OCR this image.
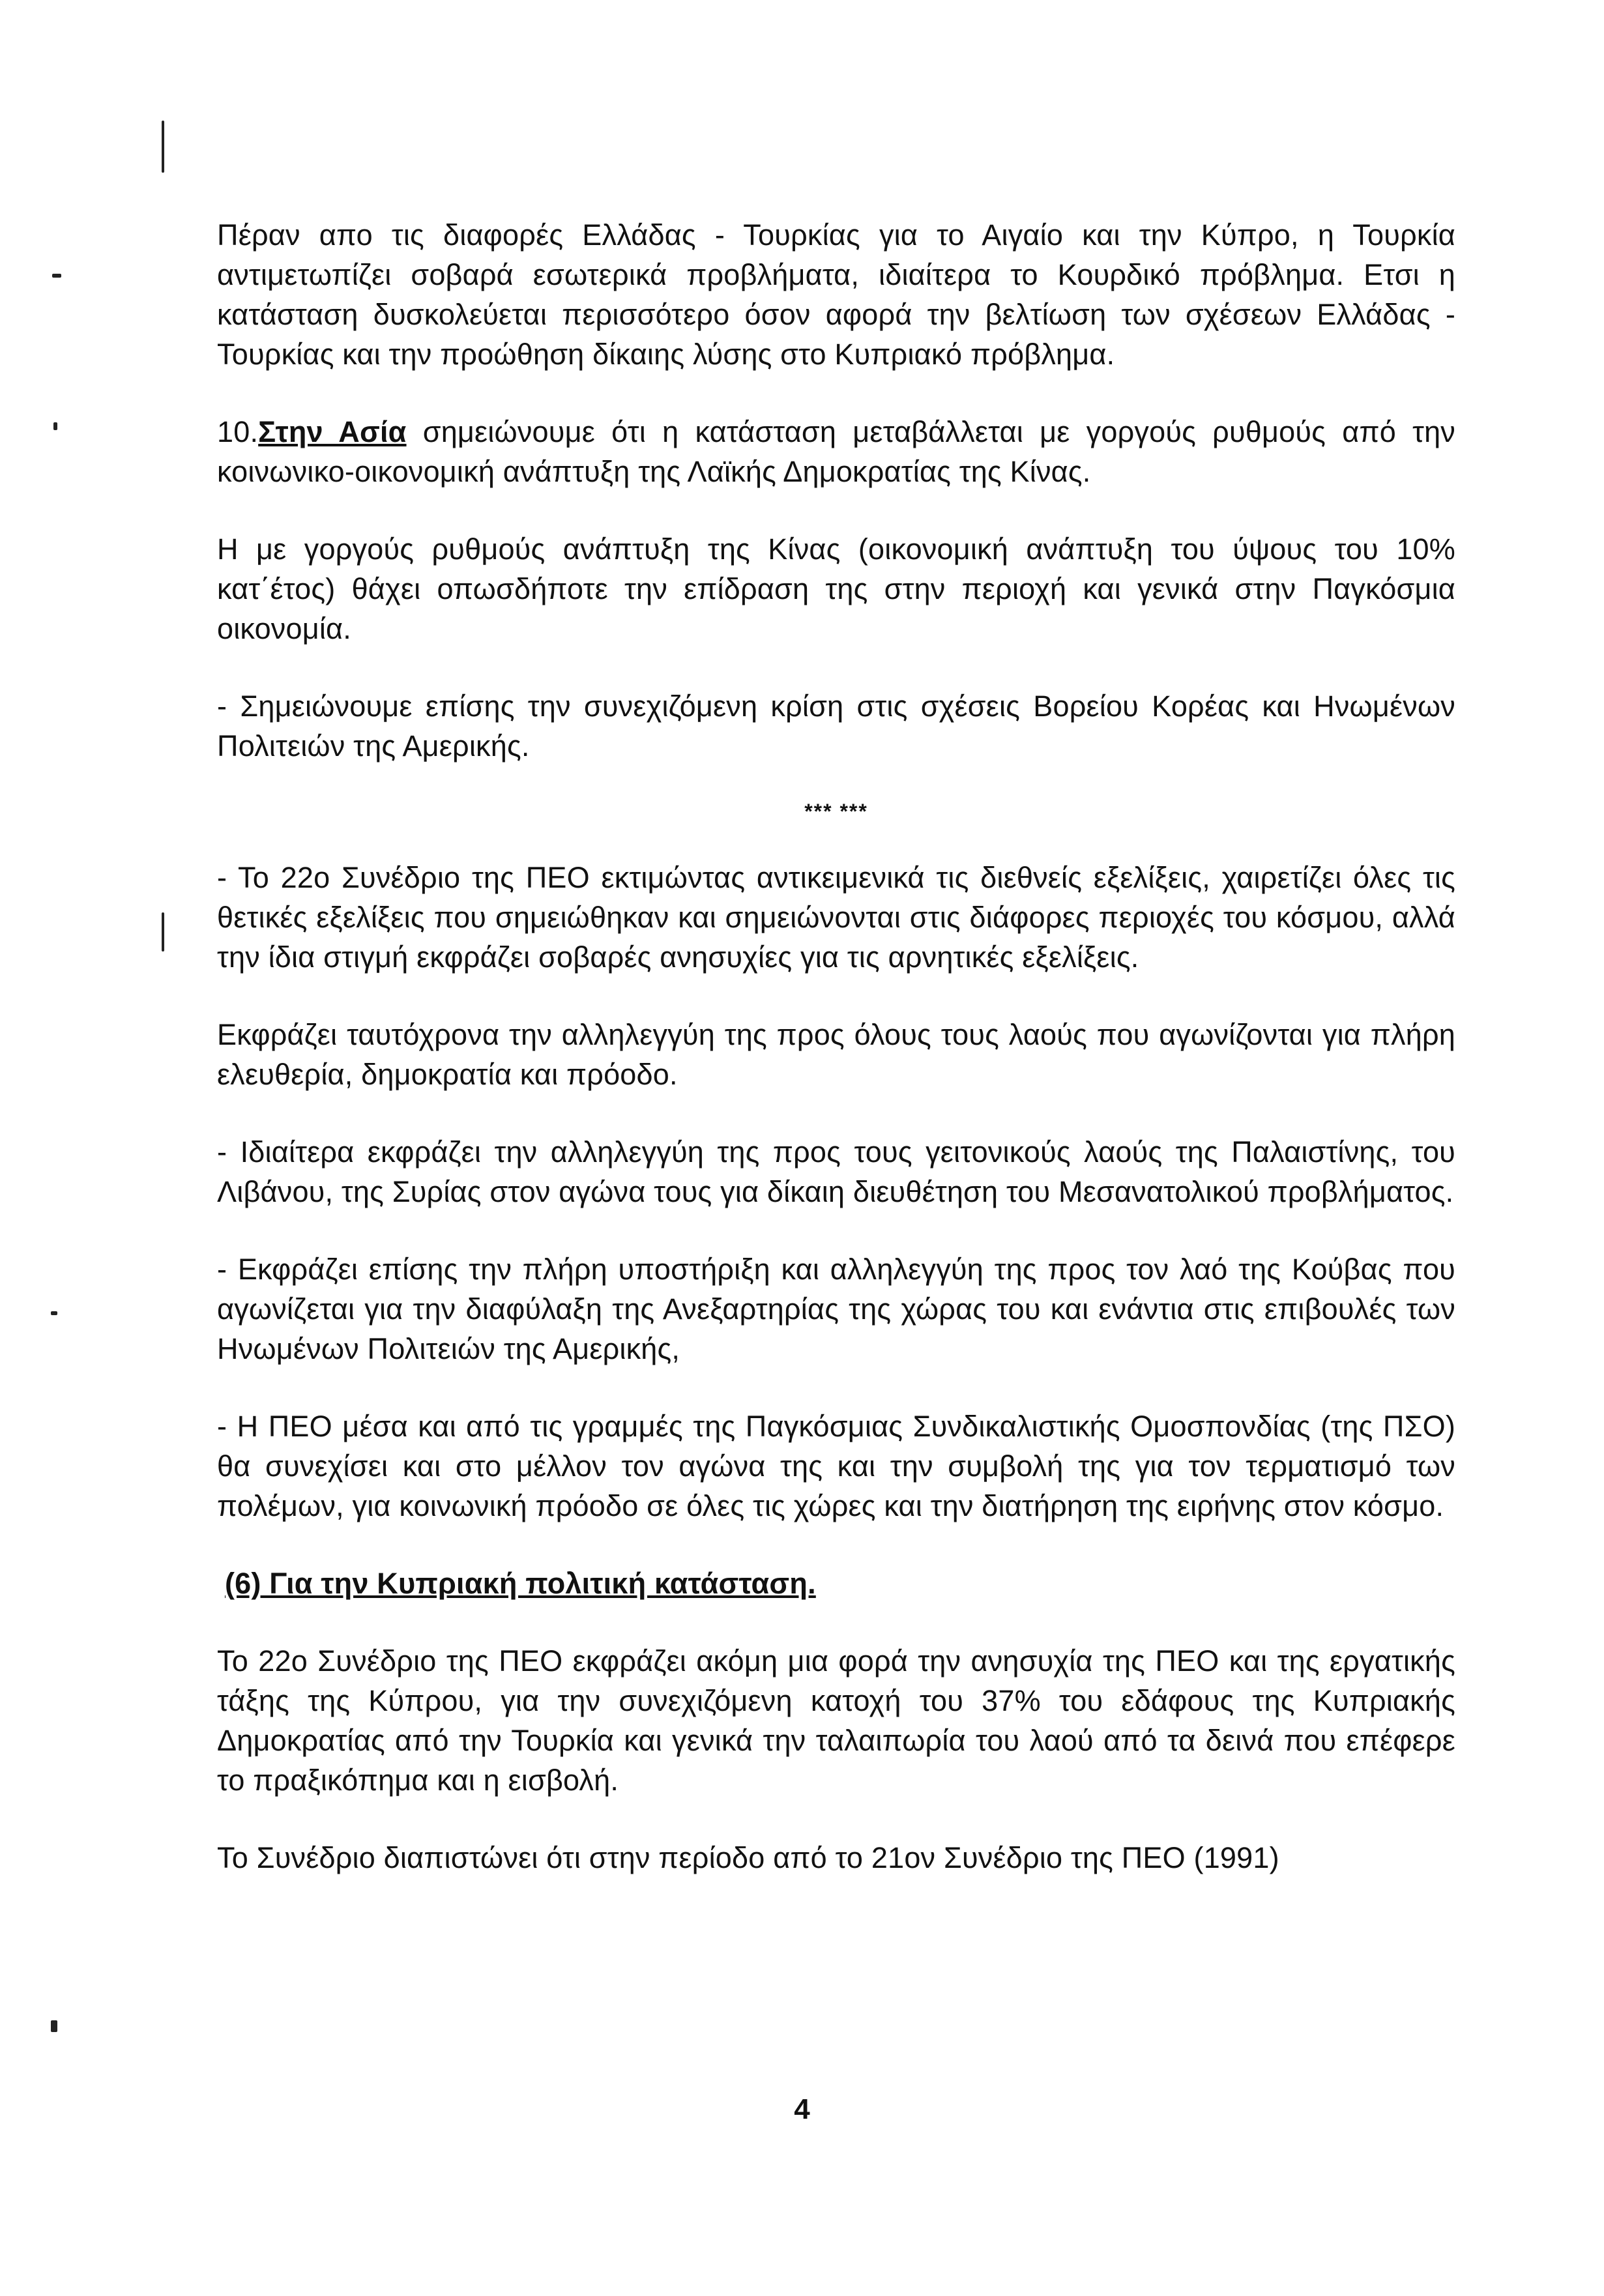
Πέραν απο τις διαφορές Ελλάδας - Τουρκίας για το Αιγαίο και την Κύπρο, η Τουρκία αντιμετωπίζει σοβαρά εσωτερικά προβλήματα, ιδιαίτερα το Κουρδικό πρόβλημα. Ετσι η κατάσταση δυσκολεύεται περισσότερο όσον αφορά την βελτίωση των σχέσεων Ελλάδας - Τουρκίας και την προώθηση δίκαιης λύσης στο Κυπριακό πρόβλημα.

10.Στην Ασία σημειώνουμε ότι η κατάσταση μεταβάλλεται με γοργούς ρυθμούς από την κοινωνικο-οικονομική ανάπτυξη της Λαϊκής Δημοκρατίας της Κίνας.

Η με γοργούς ρυθμούς ανάπτυξη της Κίνας (οικονομική ανάπτυξη του ύψους του 10% κατ΄έτος) θάχει οπωσδήποτε την επίδραση της στην περιοχή και γενικά στην Παγκόσμια οικονομία.

- Σημειώνουμε επίσης την συνεχιζόμενη κρίση στις σχέσεις Βορείου Κορέας και Ηνωμένων Πολιτειών της Αμερικής.

*** ***

- Το 22ο Συνέδριο της ΠΕΟ εκτιμώντας αντικειμενικά τις διεθνείς εξελίξεις, χαιρετίζει όλες τις θετικές εξελίξεις που σημειώθηκαν και σημειώνονται στις διάφορες περιοχές του κόσμου, αλλά την ίδια στιγμή εκφράζει σοβαρές ανησυχίες για τις αρνητικές εξελίξεις.

Εκφράζει ταυτόχρονα την αλληλεγγύη της προς όλους τους λαούς που αγωνίζονται για πλήρη ελευθερία, δημοκρατία και πρόοδο.

- Ιδιαίτερα εκφράζει την αλληλεγγύη της προς τους γειτονικούς λαούς της Παλαιστίνης, του Λιβάνου, της Συρίας στον αγώνα τους για δίκαιη διευθέτηση του Μεσανατολικού προβλήματος.

- Εκφράζει επίσης την πλήρη υποστήριξη και αλληλεγγύη της προς τον λαό της Κούβας που αγωνίζεται για την διαφύλαξη της Ανεξαρτηρίας της χώρας του και ενάντια στις επιβουλές των Ηνωμένων Πολιτειών της Αμερικής,

- Η ΠΕΟ μέσα και από τις γραμμές της Παγκόσμιας Συνδικαλιστικής Ομοσπονδίας (της ΠΣΟ) θα συνεχίσει και στο μέλλον τον αγώνα της και την συμβολή της για τον τερματισμό των πολέμων, για κοινωνική πρόοδο σε όλες τις χώρες και την διατήρηση της ειρήνης στον κόσμο.

(6) Για την Κυπριακή πολιτική κατάσταση.

Το 22ο Συνέδριο της ΠΕΟ εκφράζει ακόμη μια φορά την ανησυχία της ΠΕΟ και της εργατικής τάξης της Κύπρου, για την συνεχιζόμενη κατοχή του 37% του εδάφους της Κυπριακής Δημοκρατίας από την Τουρκία και γενικά την ταλαιπωρία του λαού από τα δεινά που επέφερε το πραξικόπημα και η εισβολή.

Το Συνέδριο διαπιστώνει ότι στην περίοδο από το 21ον Συνέδριο της ΠΕΟ (1991)

4
